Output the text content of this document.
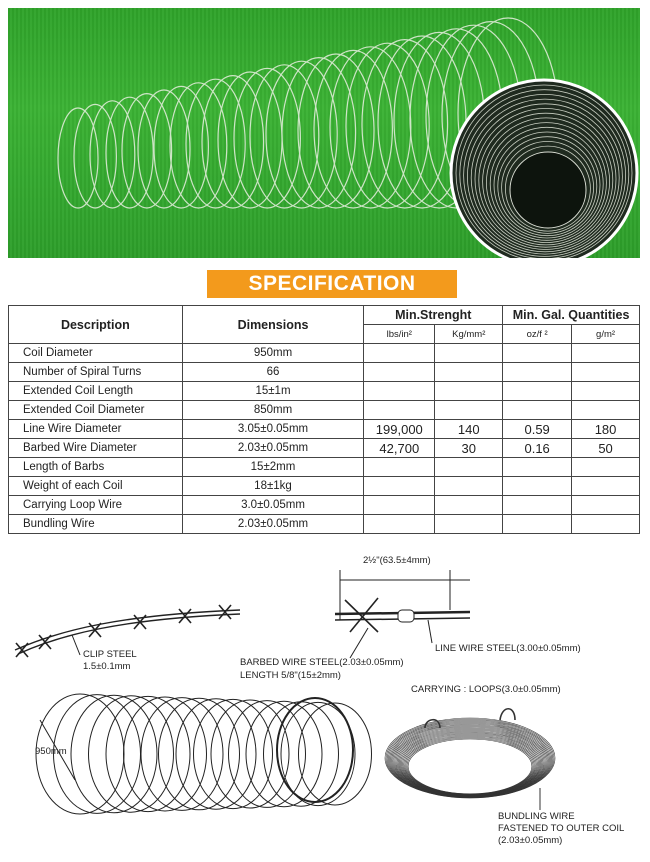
SPECIFICATION
Description	Dimensions	Min.Strenght		Min. Gal. Quantities	
		lbs/in²	Kg/mm²	oz/f ²	g/m²
Coil Diameter	950mm				
Number of Spiral Turns	66				
Extended Coil Length	15±1m				
Extended Coil Diameter	850mm				
Line Wire Diameter	3.05±0.05mm	199,000	140	0.59	180
Barbed Wire Diameter	2.03±0.05mm	42,700	30	0.16	50
Length of Barbs	15±2mm				
Weight of each Coil	18±1kg				
Carrying Loop Wire	3.0±0.05mm				
Bundling Wire	2.03±0.05mm				
CLIP STEEL
1.5±0.1mm
2½"(63.5±4mm)
BARBED WIRE STEEL(2.03±0.05mm)
LENGTH 5/8"(15±2mm)
LINE WIRE STEEL(3.00±0.05mm)
950mm
CARRYING : LOOPS(3.0±0.05mm)
BUNDLING WIRE
FASTENED TO OUTER COIL
(2.03±0.05mm)
